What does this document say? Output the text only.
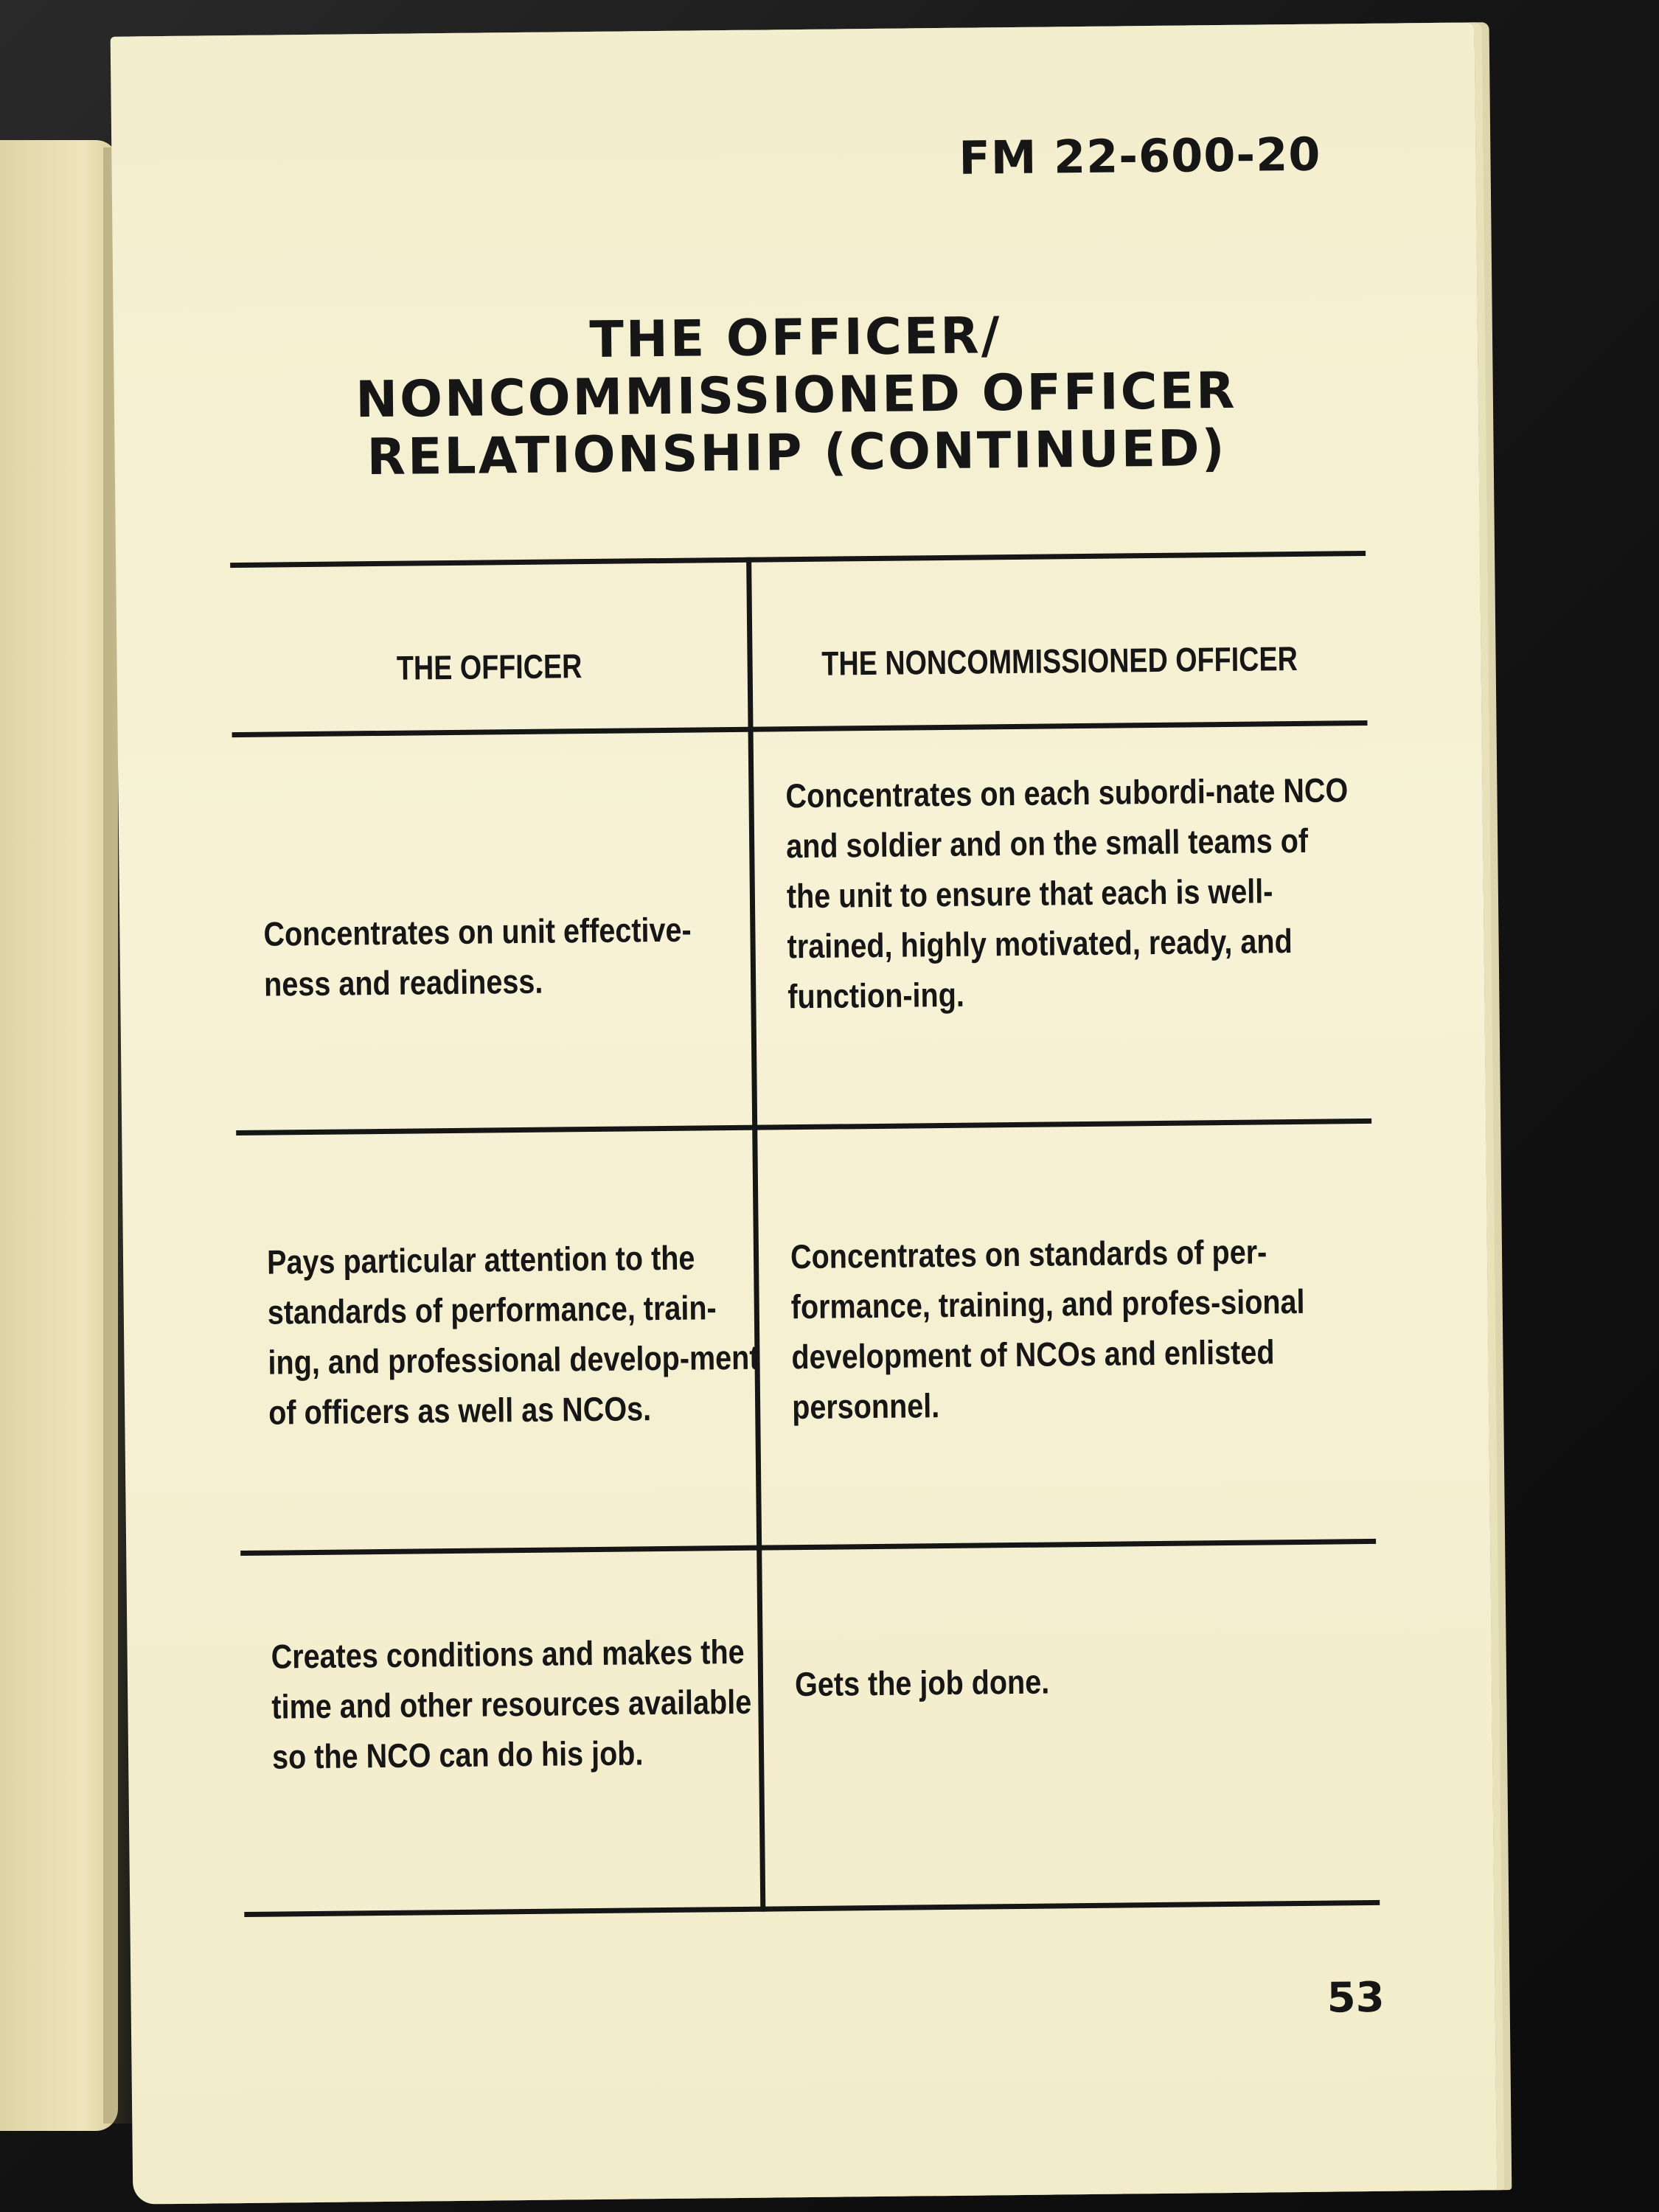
FM 22-600-20
THE OFFICER/
NONCOMMISSIONED OFFICER
RELATIONSHIP (CONTINUED)
THE OFFICER	THE NONCOMMISSIONED OFFICER
Concentrates on unit effective-ness and readiness.
Concentrates on each subordi-nate NCO and soldier and on the small teams of the unit to ensure that each is well-trained, highly motivated, ready, and function-ing.
Pays particular attention to the standards of performance, train-ing, and professional develop-ment of officers as well as NCOs.
Concentrates on standards of per-formance, training, and profes-sional development of NCOs and enlisted personnel.
Creates conditions and makes the time and other resources available so the NCO can do his job.
Gets the job done.
53
